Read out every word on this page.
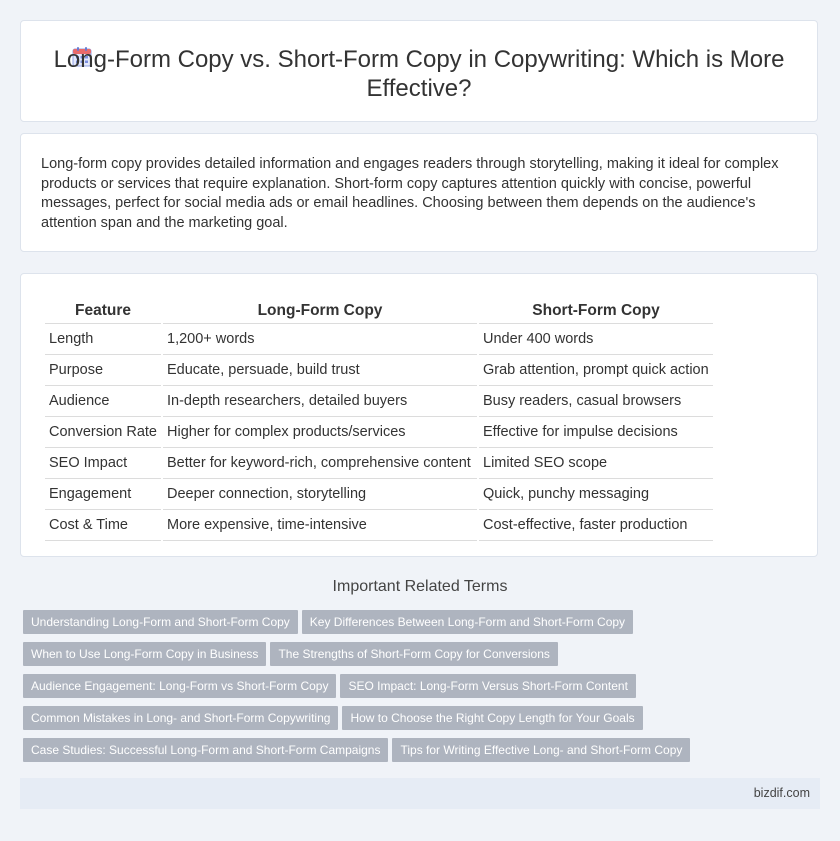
Long-Form Copy vs. Short-Form Copy in Copywriting: Which is More Effective?
Long-form copy provides detailed information and engages readers through storytelling, making it ideal for complex products or services that require explanation. Short-form copy captures attention quickly with concise, powerful messages, perfect for social media ads or email headlines. Choosing between them depends on the audience's attention span and the marketing goal.
Feature	Long-Form Copy	Short-Form Copy
Length	1,200+ words	Under 400 words
Purpose	Educate, persuade, build trust	Grab attention, prompt quick action
Audience	In-depth researchers, detailed buyers	Busy readers, casual browsers
Conversion Rate	Higher for complex products/services	Effective for impulse decisions
SEO Impact	Better for keyword-rich, comprehensive content	Limited SEO scope
Engagement	Deeper connection, storytelling	Quick, punchy messaging
Cost & Time	More expensive, time-intensive	Cost-effective, faster production
Important Related Terms
Understanding Long-Form and Short-Form Copy Key Differences Between Long-Form and Short-Form Copy
When to Use Long-Form Copy in Business The Strengths of Short-Form Copy for Conversions
Audience Engagement: Long-Form vs Short-Form Copy SEO Impact: Long-Form Versus Short-Form Content
Common Mistakes in Long- and Short-Form Copywriting How to Choose the Right Copy Length for Your Goals
Case Studies: Successful Long-Form and Short-Form Campaigns Tips for Writing Effective Long- and Short-Form Copy
bizdif.com
